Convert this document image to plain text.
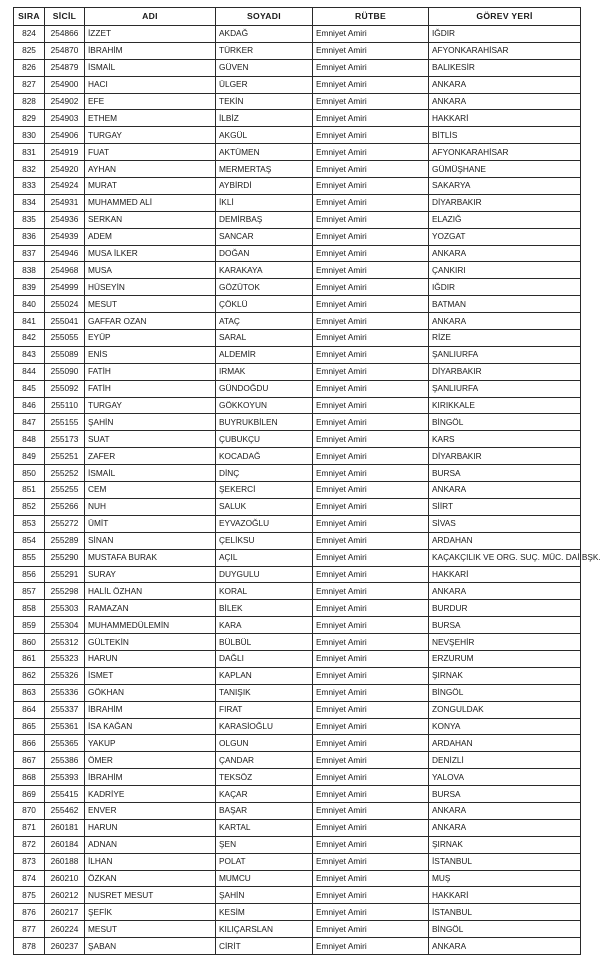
SIRA	SİCİL	ADI	SOYADI	RÜTBE	GÖREV YERİ
824	254866	İZZET	AKDAĞ	Emniyet Amiri	IĞDIR
825	254870	İBRAHİM	TÜRKER	Emniyet Amiri	AFYONKARAHİSAR
826	254879	İSMAİL	GÜVEN	Emniyet Amiri	BALIKESİR
827	254900	HACI	ÜLGER	Emniyet Amiri	ANKARA
828	254902	EFE	TEKİN	Emniyet Amiri	ANKARA
829	254903	ETHEM	İLBİZ	Emniyet Amiri	HAKKARİ
830	254906	TURGAY	AKGÜL	Emniyet Amiri	BİTLİS
831	254919	FUAT	AKTÜMEN	Emniyet Amiri	AFYONKARAHİSAR
832	254920	AYHAN	MERMERTAŞ	Emniyet Amiri	GÜMÜŞHANE
833	254924	MURAT	AYBİRDİ	Emniyet Amiri	SAKARYA
834	254931	MUHAMMED ALİ	İKLİ	Emniyet Amiri	DİYARBAKIR
835	254936	SERKAN	DEMİRBAŞ	Emniyet Amiri	ELAZIĞ
836	254939	ADEM	SANCAR	Emniyet Amiri	YOZGAT
837	254946	MUSA İLKER	DOĞAN	Emniyet Amiri	ANKARA
838	254968	MUSA	KARAKAYA	Emniyet Amiri	ÇANKIRI
839	254999	HÜSEYİN	GÖZÜTOK	Emniyet Amiri	IĞDIR
840	255024	MESUT	ÇÖKLÜ	Emniyet Amiri	BATMAN
841	255041	GAFFAR OZAN	ATAÇ	Emniyet Amiri	ANKARA
842	255055	EYÜP	SARAL	Emniyet Amiri	RİZE
843	255089	ENİS	ALDEMİR	Emniyet Amiri	ŞANLIURFA
844	255090	FATİH	IRMAK	Emniyet Amiri	DİYARBAKIR
845	255092	FATİH	GÜNDOĞDU	Emniyet Amiri	ŞANLIURFA
846	255110	TURGAY	GÖKKOYUN	Emniyet Amiri	KIRIKKALE
847	255155	ŞAHİN	BUYRUKBİLEN	Emniyet Amiri	BİNGÖL
848	255173	SUAT	ÇUBUKÇU	Emniyet Amiri	KARS
849	255251	ZAFER	KOCADAĞ	Emniyet Amiri	DİYARBAKIR
850	255252	İSMAİL	DİNÇ	Emniyet Amiri	BURSA
851	255255	CEM	ŞEKERCİ	Emniyet Amiri	ANKARA
852	255266	NUH	SALUK	Emniyet Amiri	SİİRT
853	255272	ÜMİT	EYVAZOĞLU	Emniyet Amiri	SİVAS
854	255289	SİNAN	ÇELİKSU	Emniyet Amiri	ARDAHAN
855	255290	MUSTAFA BURAK	AÇIL	Emniyet Amiri	KAÇAKÇILIK VE ORG. SUÇ. MÜC. DAİ.BŞK.
856	255291	SURAY	DUYGULU	Emniyet Amiri	HAKKARİ
857	255298	HALİL ÖZHAN	KORAL	Emniyet Amiri	ANKARA
858	255303	RAMAZAN	BİLEK	Emniyet Amiri	BURDUR
859	255304	MUHAMMEDÜLEMİN	KARA	Emniyet Amiri	BURSA
860	255312	GÜLTEKİN	BÜLBÜL	Emniyet Amiri	NEVŞEHİR
861	255323	HARUN	DAĞLI	Emniyet Amiri	ERZURUM
862	255326	İSMET	KAPLAN	Emniyet Amiri	ŞIRNAK
863	255336	GÖKHAN	TANIŞIK	Emniyet Amiri	BİNGÖL
864	255337	İBRAHİM	FIRAT	Emniyet Amiri	ZONGULDAK
865	255361	İSA KAĞAN	KARASİOĞLU	Emniyet Amiri	KONYA
866	255365	YAKUP	OLGUN	Emniyet Amiri	ARDAHAN
867	255386	ÖMER	ÇANDAR	Emniyet Amiri	DENİZLİ
868	255393	İBRAHİM	TEKSÖZ	Emniyet Amiri	YALOVA
869	255415	KADRİYE	KAÇAR	Emniyet Amiri	BURSA
870	255462	ENVER	BAŞAR	Emniyet Amiri	ANKARA
871	260181	HARUN	KARTAL	Emniyet Amiri	ANKARA
872	260184	ADNAN	ŞEN	Emniyet Amiri	ŞIRNAK
873	260188	İLHAN	POLAT	Emniyet Amiri	İSTANBUL
874	260210	ÖZKAN	MUMCU	Emniyet Amiri	MUŞ
875	260212	NUSRET MESUT	ŞAHİN	Emniyet Amiri	HAKKARİ
876	260217	ŞEFİK	KESİM	Emniyet Amiri	İSTANBUL
877	260224	MESUT	KILIÇARSLAN	Emniyet Amiri	BİNGÖL
878	260237	ŞABAN	CİRİT	Emniyet Amiri	ANKARA
